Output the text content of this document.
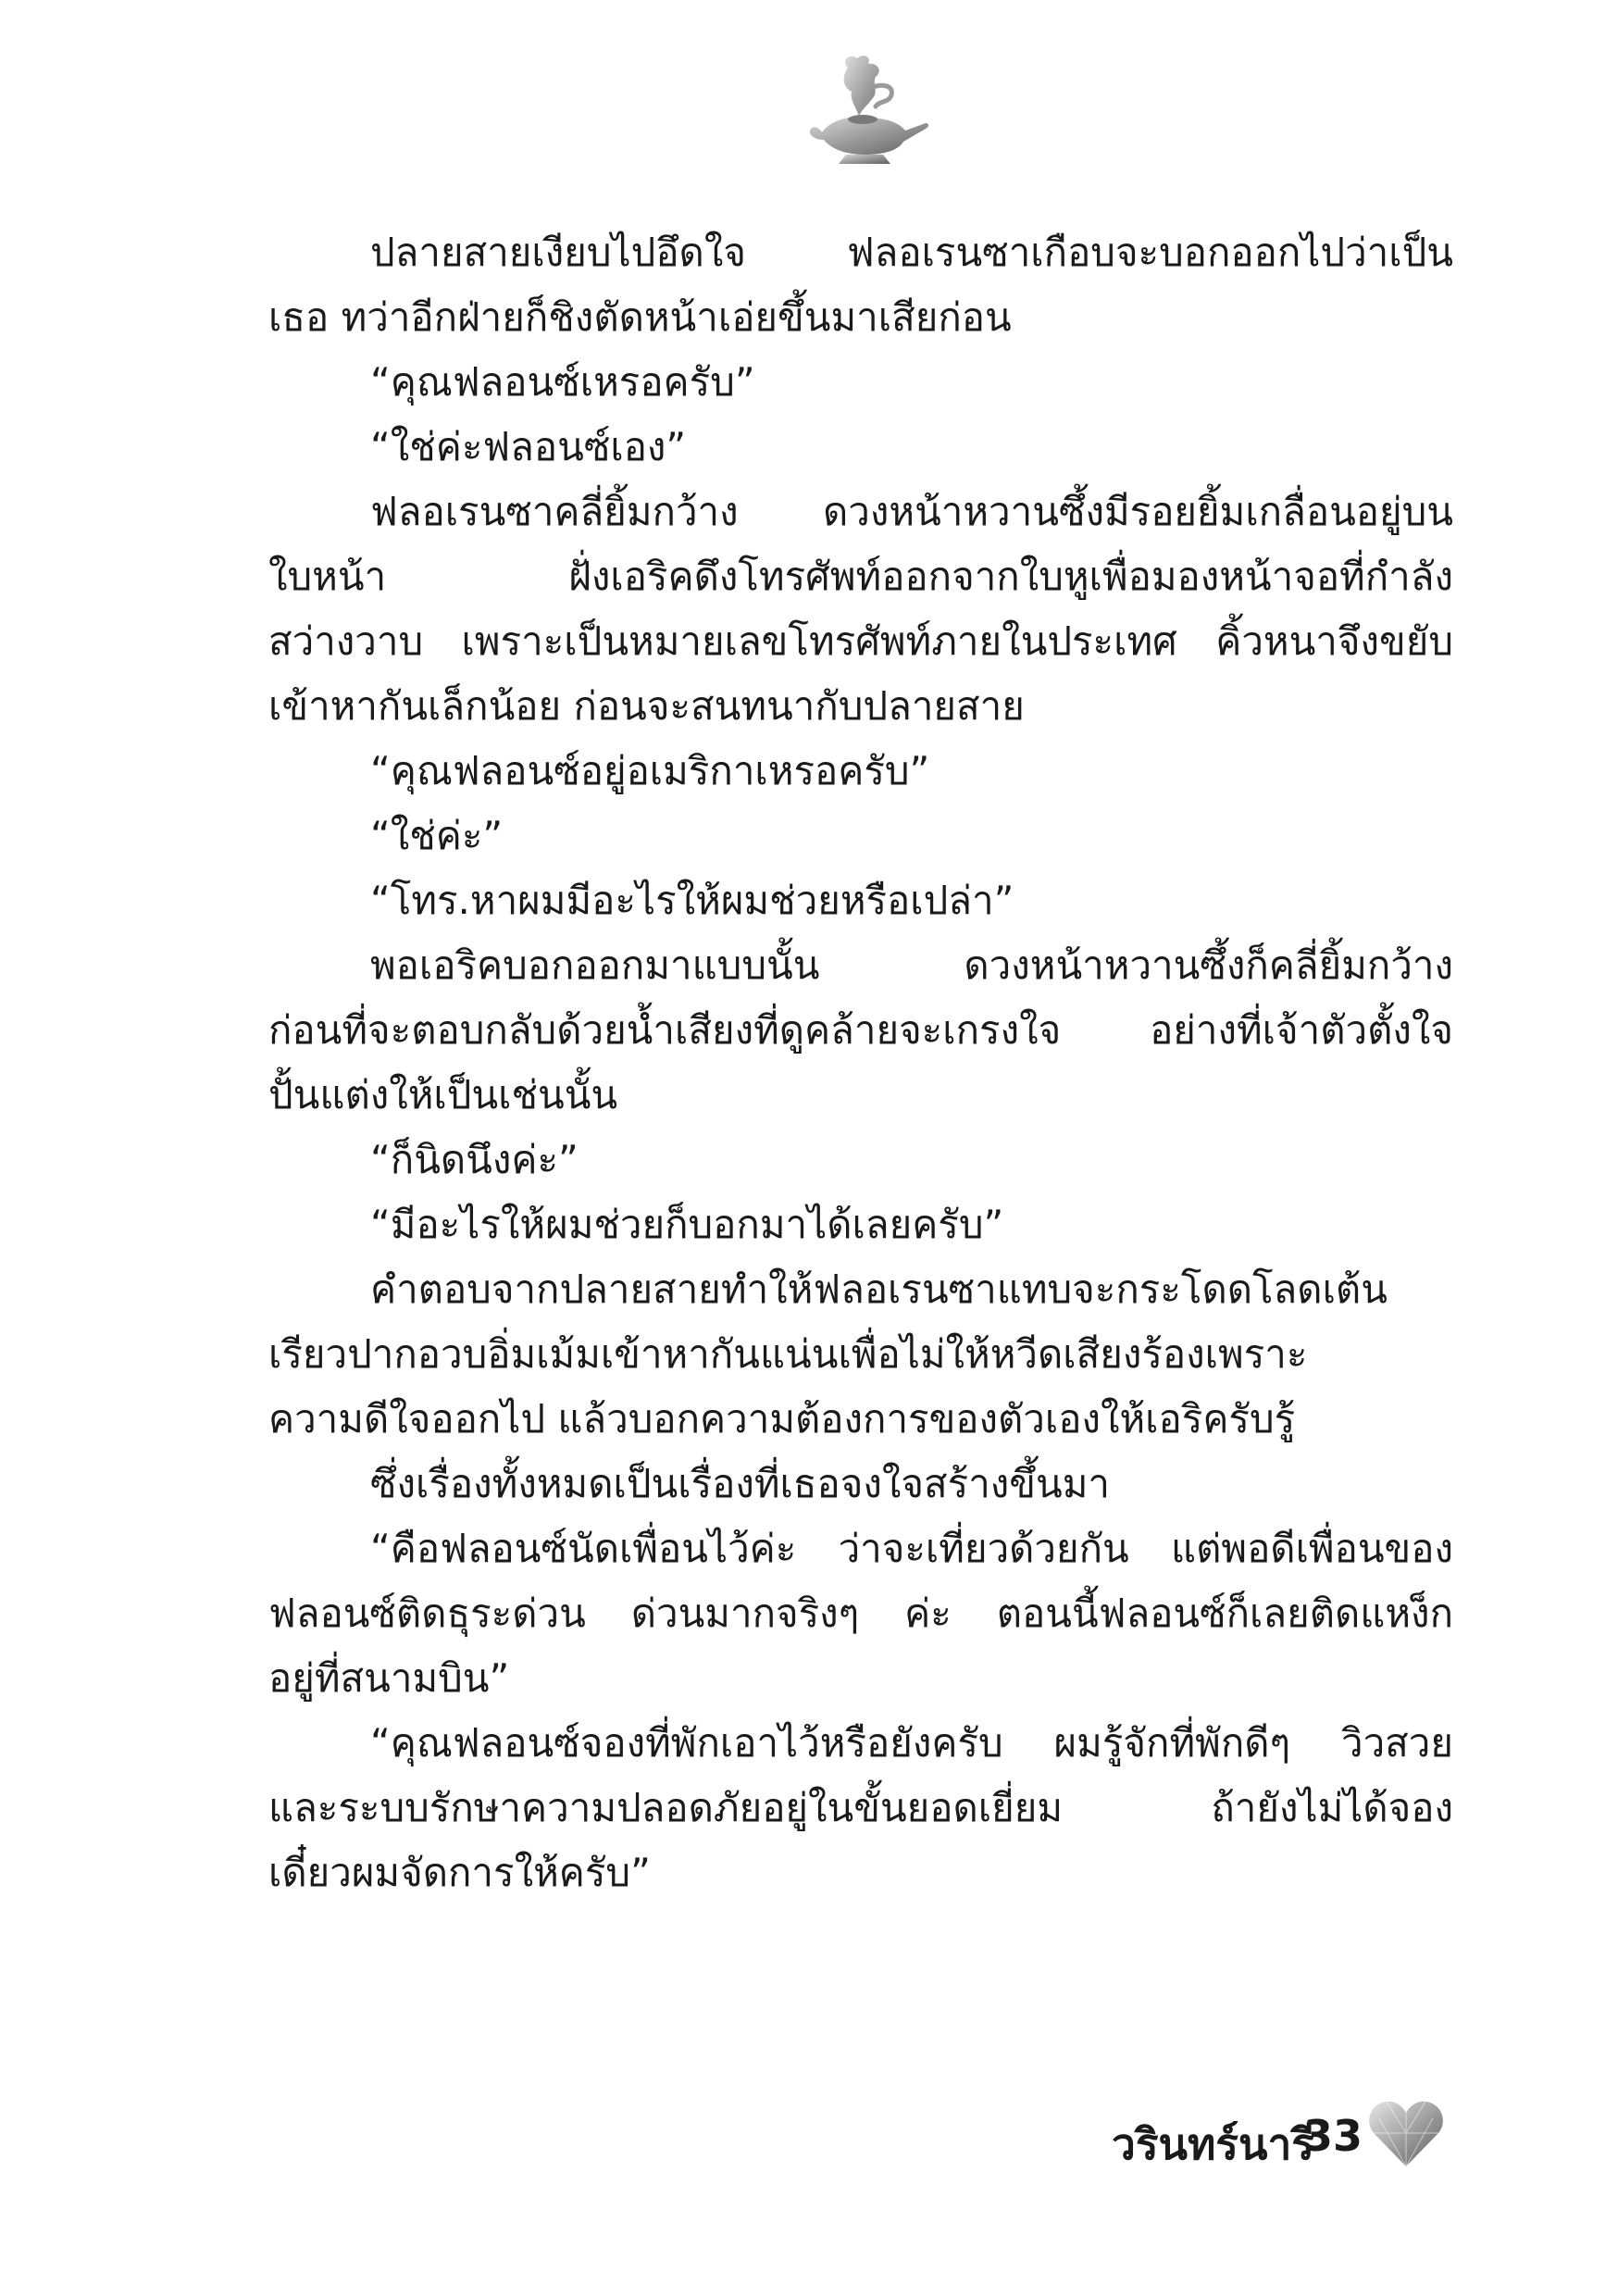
ปลายสายเงียบไปอึดใจ ฟลอเรนซาเกือบจะบอกออกไปว่าเป็น
เธอ ทว่าอีกฝ่ายก็ชิงตัดหน้าเอ่ยขึ้นมาเสียก่อน
“คุณฟลอนซ์เหรอครับ”
“ใช่ค่ะฟลอนซ์เอง”
ฟลอเรนซาคลี่ยิ้มกว้าง ดวงหน้าหวานซึ้งมีรอยยิ้มเกลื่อนอยู่บน
ใบหน้า ฝั่งเอริคดึงโทรศัพท์ออกจากใบหูเพื่อมองหน้าจอที่กำลัง
สว่างวาบ เพราะเป็นหมายเลขโทรศัพท์ภายในประเทศ คิ้วหนาจึงขยับ
เข้าหากันเล็กน้อย ก่อนจะสนทนากับปลายสาย
“คุณฟลอนซ์อยู่อเมริกาเหรอครับ”
“ใช่ค่ะ”
“โทร.หาผมมีอะไรให้ผมช่วยหรือเปล่า”
พอเอริคบอกออกมาแบบนั้น ดวงหน้าหวานซึ้งก็คลี่ยิ้มกว้าง
ก่อนที่จะตอบกลับด้วยน้ำเสียงที่ดูคล้ายจะเกรงใจ อย่างที่เจ้าตัวตั้งใจ
ปั้นแต่งให้เป็นเช่นนั้น
“ก็นิดนึงค่ะ”
“มีอะไรให้ผมช่วยก็บอกมาได้เลยครับ”
คำตอบจากปลายสายทำให้ฟลอเรนซาแทบจะกระโดดโลดเต้น
เรียวปากอวบอิ่มเม้มเข้าหากันแน่นเพื่อไม่ให้หวีดเสียงร้องเพราะ
ความดีใจออกไป แล้วบอกความต้องการของตัวเองให้เอริครับรู้
ซึ่งเรื่องทั้งหมดเป็นเรื่องที่เธอจงใจสร้างขึ้นมา
“คือฟลอนซ์นัดเพื่อนไว้ค่ะ ว่าจะเที่ยวด้วยกัน แต่พอดีเพื่อนของ
ฟลอนซ์ติดธุระด่วน ด่วนมากจริงๆ ค่ะ ตอนนี้ฟลอนซ์ก็เลยติดแหง็ก
อยู่ที่สนามบิน”
“คุณฟลอนซ์จองที่พักเอาไว้หรือยังครับ ผมรู้จักที่พักดีๆ วิวสวย
และระบบรักษาความปลอดภัยอยู่ในขั้นยอดเยี่ยม ถ้ายังไม่ได้จอง
เดี๋ยวผมจัดการให้ครับ”
วรินทร์นารี
33
